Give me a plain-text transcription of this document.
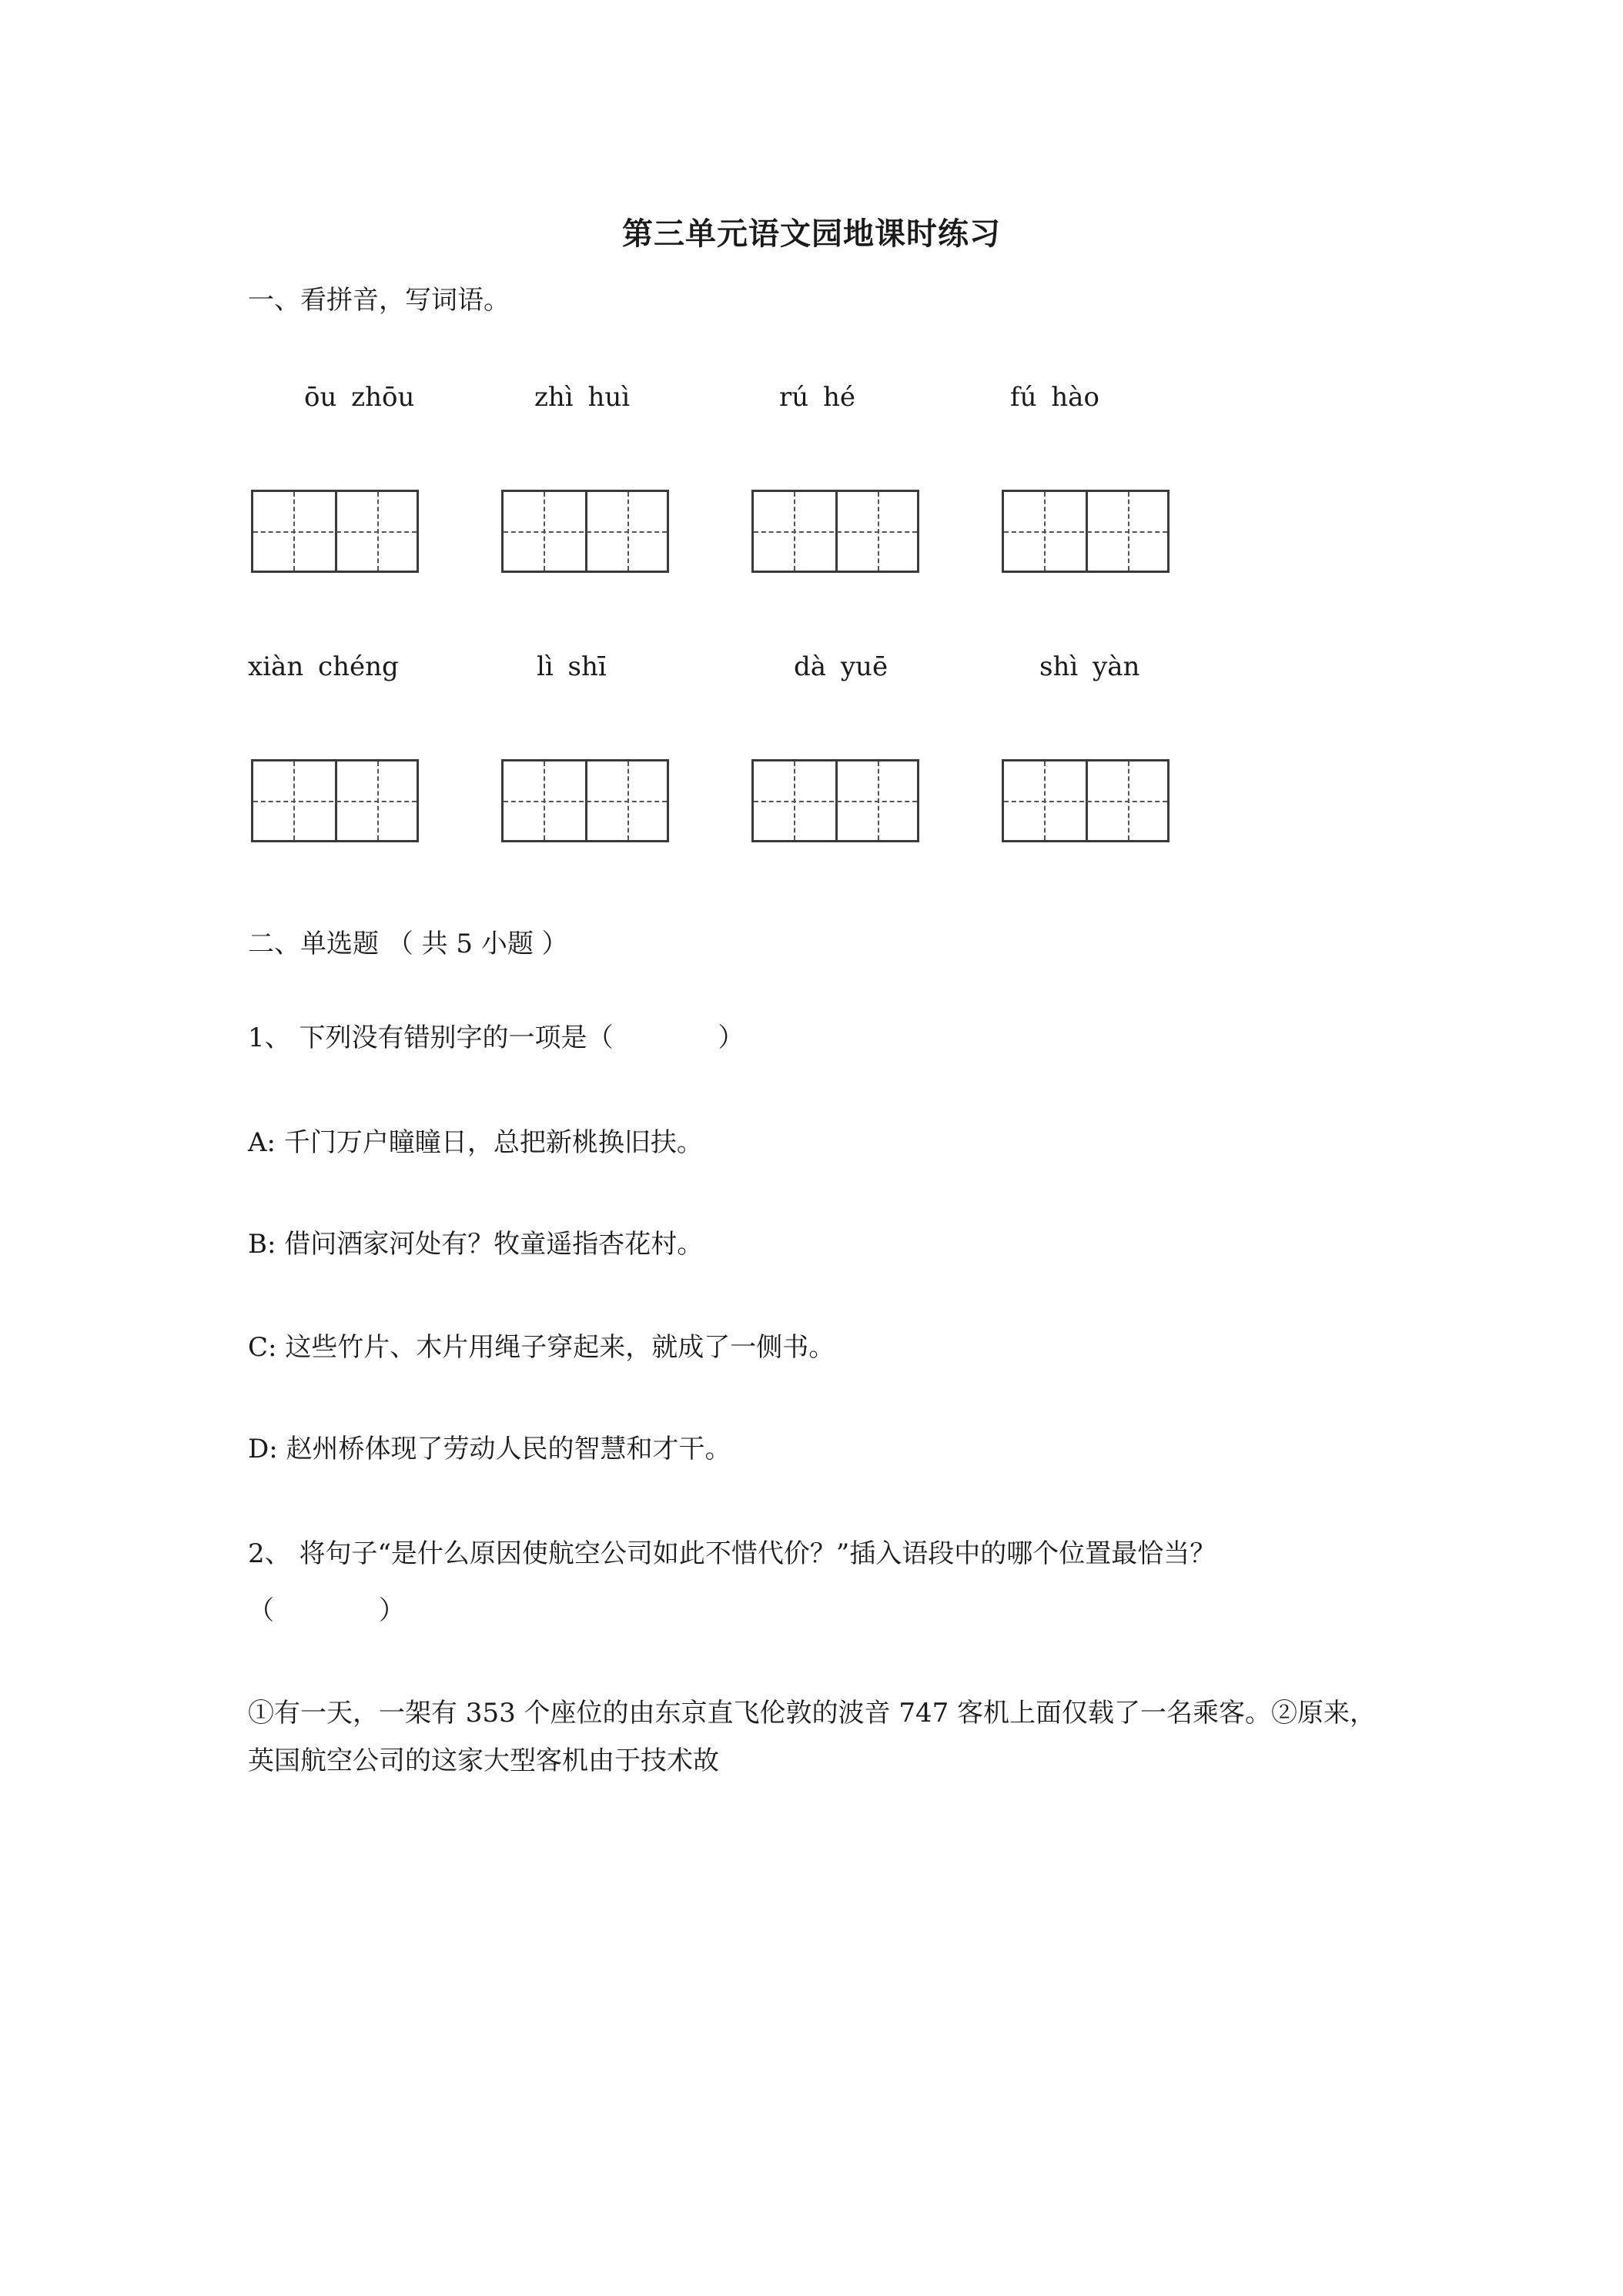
第三单元语文园地课时练习
一、看拼音，写词语。
ōu zhōu	zhì huì	rú hé	fú hào
xiàn chéng	lì shī	dà yuē	shì yàn
二、单选题 （ 共 5 小题 ）
1、 下列没有错别字的一项是（　　　　）
A: 千门万户瞳瞳日，总把新桃换旧扶。
B: 借问酒家河处有？牧童遥指杏花村。
C: 这些竹片、木片用绳子穿起来，就成了一侧书。
D: 赵州桥体现了劳动人民的智慧和才干。
2、 将句子“是什么原因使航空公司如此不惜代价？”插入语段中的哪个位置最恰当？
（　　　　）
①有一天，一架有 353 个座位的由东京直飞伦敦的波音 747 客机上面仅载了一名乘客。②原来，英国航空公司的这家大型客机由于技术故
